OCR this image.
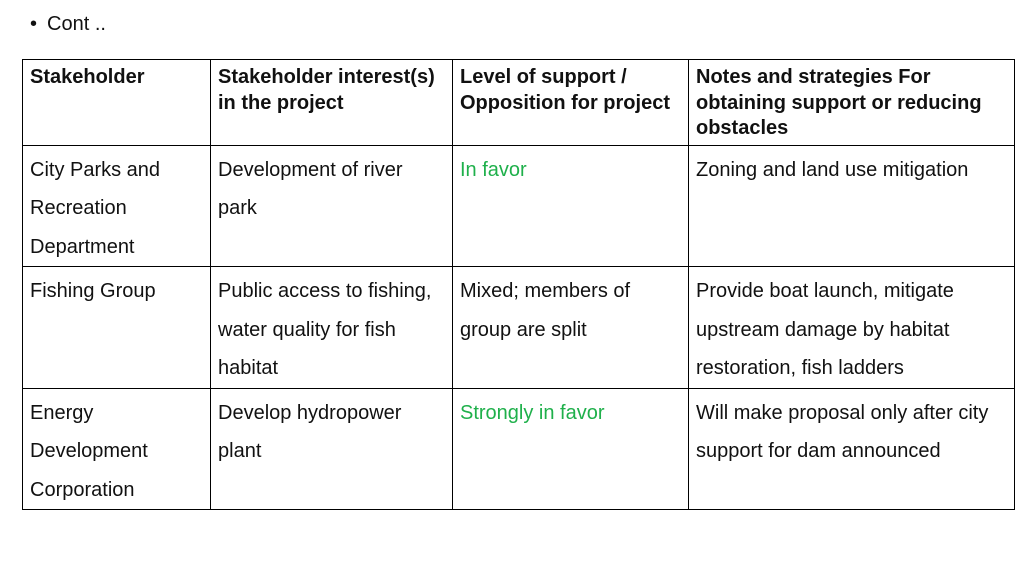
• Cont ..
Stakeholder	Stakeholder interest(s) in the project	Level of support / Opposition for project	Notes and strategies For obtaining support or reducing obstacles
City Parks and Recreation Department	Development of river park	In favor	Zoning and land use mitigation
Fishing Group	Public access to fishing, water quality for fish habitat	Mixed; members of group are split	Provide boat launch, mitigate upstream damage by habitat restoration, fish ladders
Energy Development Corporation	Develop hydropower plant	Strongly in favor	Will make proposal only after city support for dam announced
